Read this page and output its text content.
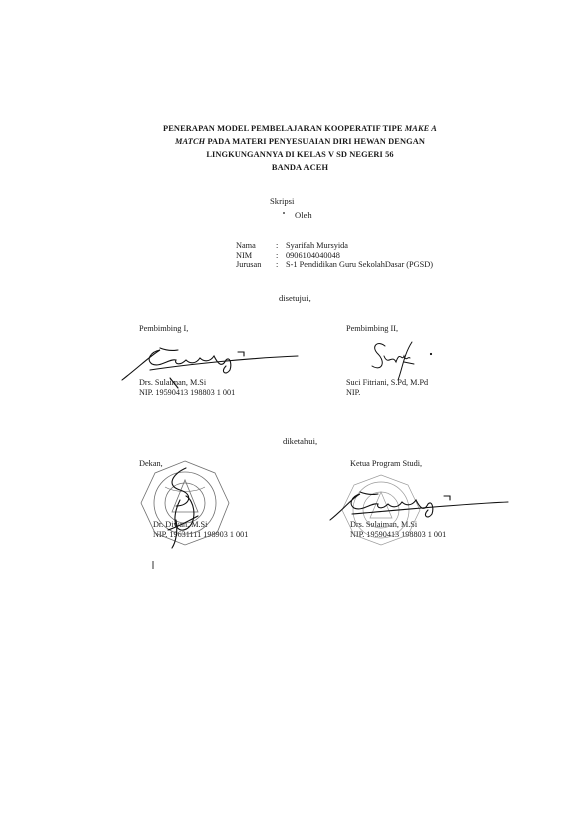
PENERAPAN MODEL PEMBELAJARAN KOOPERATIF TIPE MAKE A
MATCH PADA MATERI PENYESUAIAN DIRI HEWAN DENGAN
LINGKUNGANNYA DI KELAS V SD NEGERI 56
BANDA ACEH
Skripsi
Oleh
Nama	: Syarifah Mursyida
NIM	: 0906104040048
Jurusan	: S-1 Pendidikan Guru SekolahDasar (PGSD)
disetujui,
Pembimbing I,
Drs. Sulaiman, M.Si
NIP. 19590413 198803 1 001
Pembimbing II,
Suci Fitriani, S.Pd, M.Pd
NIP.
diketahui,
Dekan,
Dr. Diwan, M.Si
NIP. 19631111 198903 1 001
Ketua Program Studi,
Drs. Sulaiman, M.Si
NIP. 19590413 198803 1 001
